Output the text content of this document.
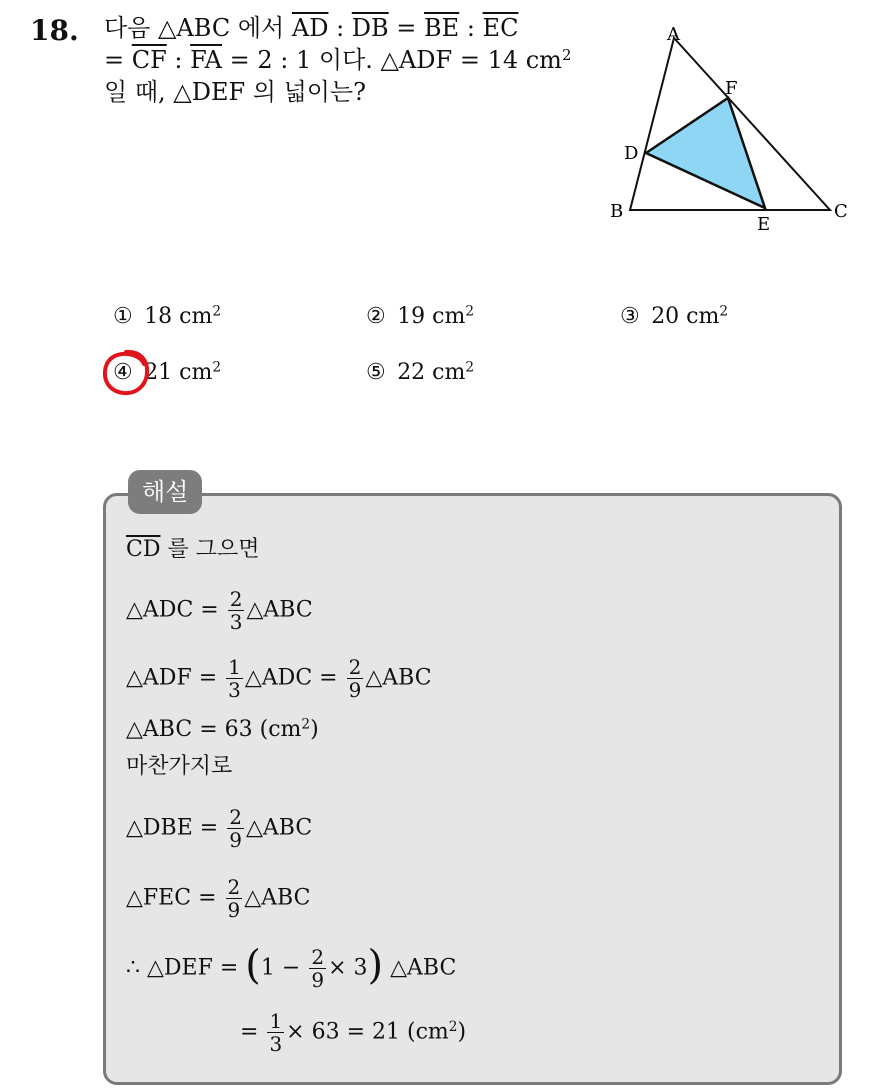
18. 다음 △ABC 에서 $\overline{AD}$ : $\overline{DB} = \overline{BE}$ : $\overline{EC}$
= $\overline{CF}$ : $\overline{FA} = 2$ : 1 이다. △ADF = 14 $cm^2$
일 때, △DEF 의 넓이는?
A
B	C
D
E
F
① 18 $cm^2$	② 19 $cm^2$	③ 20 $cm^2$
④ 21 $cm^2$	⑤ 22 $cm^2$
해설
$\overline{CD}$ 를 그으면
△ADC = $\frac{2}{3}$ △ABC
△ADF = $\frac{1}{3}$ △ADC = $\frac{2}{9}$ △ABC
△ABC = 63 $(cm^2)$
마찬가지로
△DBE = $\frac{2}{9}$ △ABC
△FEC = $\frac{2}{9}$ △ABC
∴ △DEF = $(1 - \frac{2}{9} \times 3)$ △ABC
= $\frac{1}{3} \times 63 = 21$ $(cm^2)$
